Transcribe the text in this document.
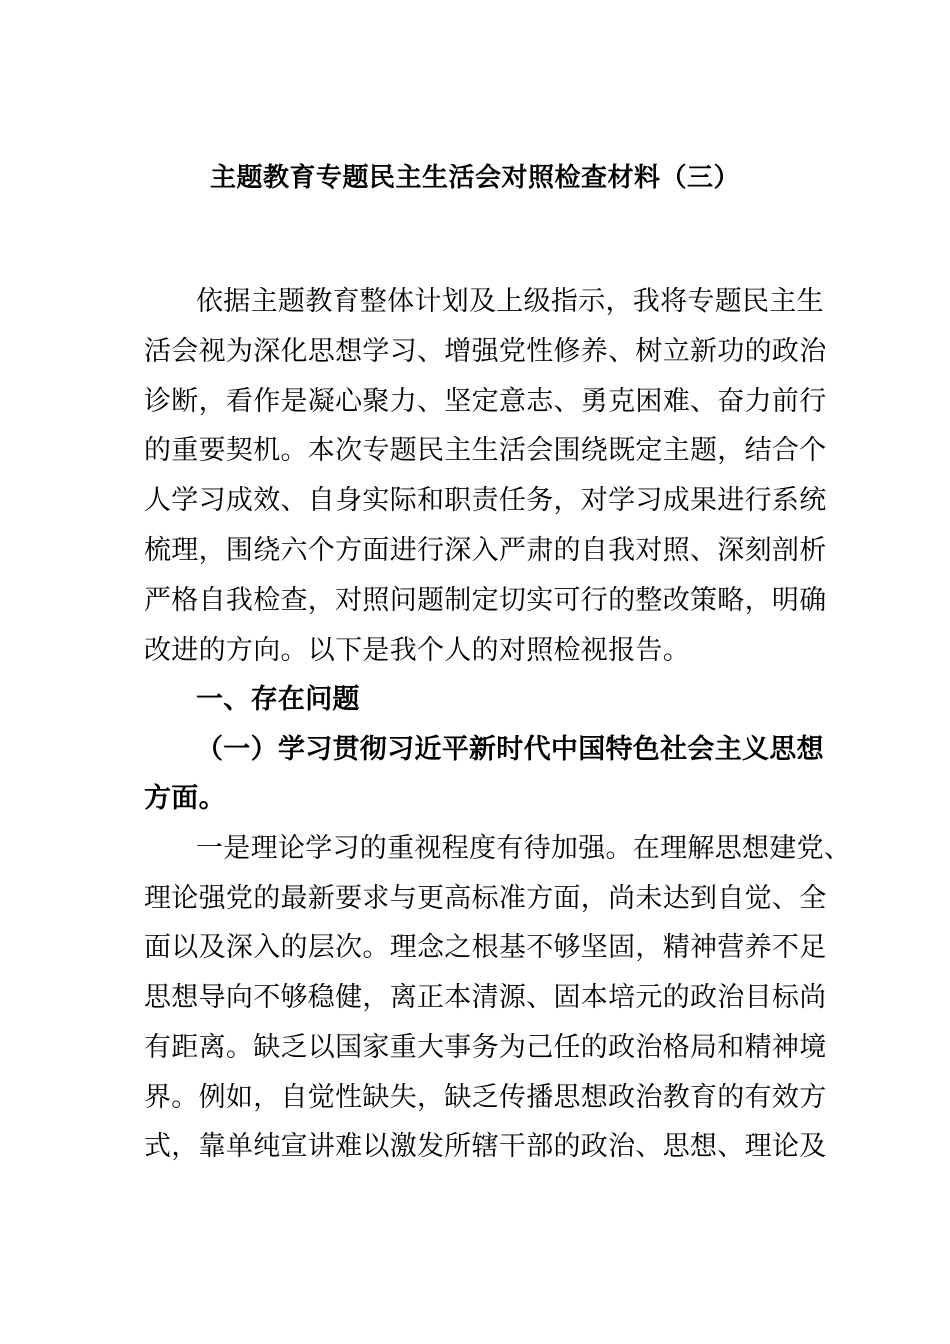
主题教育专题民主生活会对照检查材料（三）
依据主题教育整体计划及上级指示，我将专题民主生
活会视为深化思想学习、增强党性修养、树立新功的政治
诊断，看作是凝心聚力、坚定意志、勇克困难、奋力前行
的重要契机。本次专题民主生活会围绕既定主题，结合个
人学习成效、自身实际和职责任务，对学习成果进行系统
梳理，围绕六个方面进行深入严肃的自我对照、深刻剖析
严格自我检查，对照问题制定切实可行的整改策略，明确
改进的方向。以下是我个人的对照检视报告。
一、存在问题
（一）学习贯彻习近平新时代中国特色社会主义思想
方面。
一是理论学习的重视程度有待加强。在理解思想建党、
理论强党的最新要求与更高标准方面，尚未达到自觉、全
面以及深入的层次。理念之根基不够坚固，精神营养不足
思想导向不够稳健，离正本清源、固本培元的政治目标尚
有距离。缺乏以国家重大事务为己任的政治格局和精神境
界。例如，自觉性缺失，缺乏传播思想政治教育的有效方
式，靠单纯宣讲难以激发所辖干部的政治、思想、理论及
